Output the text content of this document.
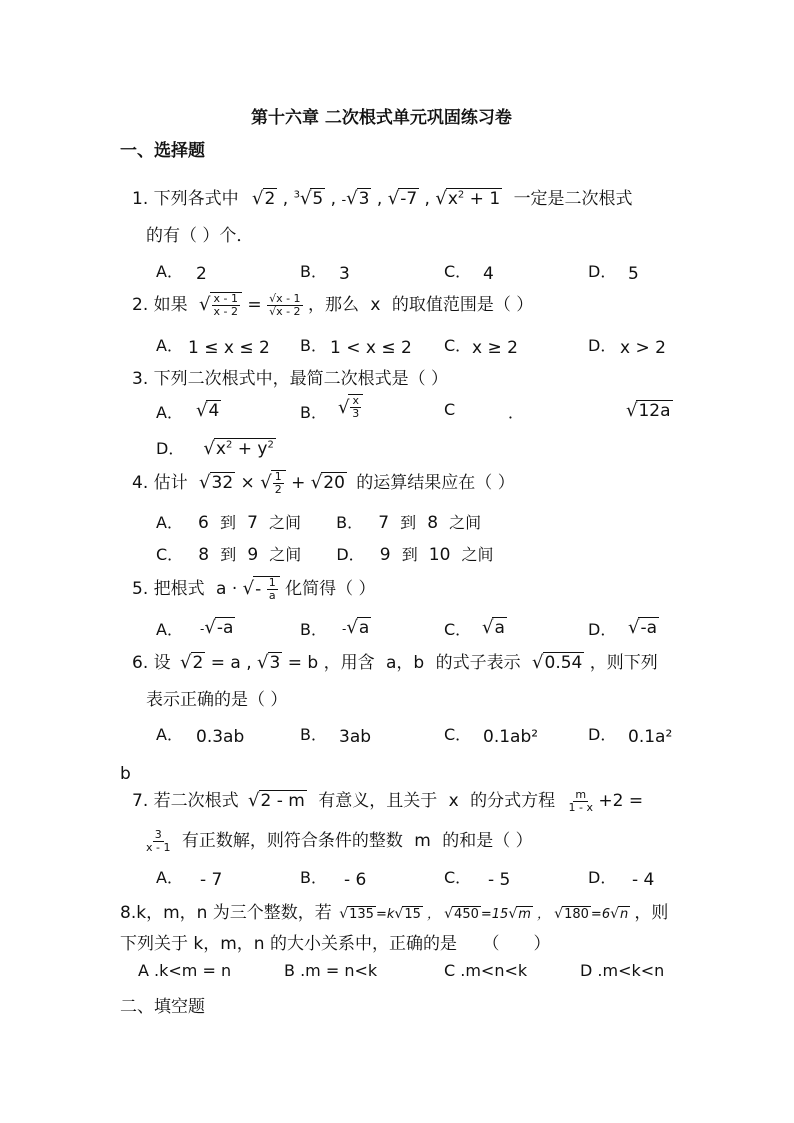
第十六章 二次根式单元巩固练习卷
一、选择题
1. 下列各式中 √2 , $^3$√5 , -√3 , √-7 , $√x^2 + 1$ 一定是二次根式
的有（ ）个．
A． 2	B． 3	C． 4	D． 5
2. 如果 √ $\frac{x - 1}{x - 2} = \frac{√x - 1}{√x - 2}$ ，那么 x 的取值范围是（ ）
A． 1 ≤ x ≤ 2 B． 1 < x ≤ 2 C． x ≥ 2	D． x > 2
3. 下列二次根式中，最简二次根式是（ ）
A． √4	B． √ $\frac{x}{3}$	C	．	√12a
D． $√x^2 + y^2$
4. 估计 √32 × √ $\frac{1}{2} + √20$ 的运算结果应在（ ）
A． 6 到 7 之间 B． 7 到 8 之间
C． 8 到 9 之间 D． 9 到 10 之间
5. 把根式 a · √- $\frac{1}{a}$ 化简得（ ）
A． -√-a	B． -√a	C． √a	D． √-a
6. 设 √2 = a , √3 = b ，用含 a，b 的式子表示 √0.54 ，则下列
表示正确的是（ ）
A． 0.3ab	B． 3ab	C． 0.1ab²	D． 0.1a²
b
7. 若二次根式 √2 - m 有意义，且关于 x 的分式方程 $\frac{m}{1 - x} +2$ =
$\frac{3}{x - 1}$ 有正数解，则符合条件的整数 m 的和是（ ）
A． - 7	B． - 6	C． - 5	D． - 4
8.k，m，n 为三个整数，若 √135 =k√15 ， √450 =15√m ， √180 =6√n ，则
下列关于 k，m，n 的大小关系中，正确的是　　（　　）
A .k<m = n	B .m = n<k	C .m<n<k	D .m<k<n
二、填空题
